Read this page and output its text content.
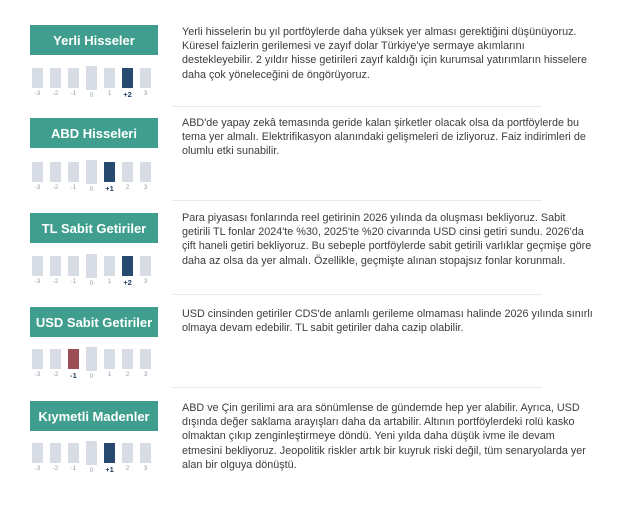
Yerli Hisseler
-3	-2	-1	0	1	+2	3
Yerli hisselerin bu yıl portföylerde daha yüksek yer alması gerektiğini düşünüyoruz. Küresel faizlerin gerilemesi ve zayıf dolar Türkiye'ye sermaye akımlarını destekleyebilir. 2 yıldır hisse getirileri zayıf kaldığı için kurumsal yatırımların hisselere daha çok yöneleceğini de öngörüyoruz.
ABD Hisseleri
-3	-2	-1	0	+1	2	3
ABD'de yapay zekâ temasında geride kalan şirketler olacak olsa da portföylerde bu tema yer almalı. Elektrifikasyon alanındaki gelişmeleri de izliyoruz. Faiz indirimleri de olumlu etki sunabilir.
TL Sabit Getiriler
-3	-2	-1	0	1	+2	3
Para piyasası fonlarında reel getirinin 2026 yılında da oluşması bekliyoruz. Sabit getirili TL fonlar 2024'te %30, 2025'te %20 civarında USD cinsi getiri sundu. 2026'da çift haneli getiri bekliyoruz. Bu sebeple portföylerde sabit getirili varlıklar geçmişe göre daha az olsa da yer almalı. Özellikle, geçmişte alınan stopajsız fonlar korunmalı.
USD Sabit Getiriler
-3	-2	-1	0	1	2	3
USD cinsinden getiriler CDS'de anlamlı gerileme olmaması halinde 2026 yılında sınırlı olmaya devam edebilir. TL sabit getiriler daha cazip olabilir.
Kıymetli Madenler
-3	-2	-1	0	+1	2	3
ABD ve Çin gerilimi ara ara sönümlense de gündemde hep yer alabilir. Ayrıca, USD dışında değer saklama arayışları daha da artabilir. Altının portföylerdeki rolü kasko olmaktan çıkıp zenginleştirmeye döndü. Yeni yılda daha düşük ivme ile devam etmesini bekliyoruz. Jeopolitik riskler artık bir kuyruk riski değil, tüm senaryolarda yer alan bir olguya dönüştü.
